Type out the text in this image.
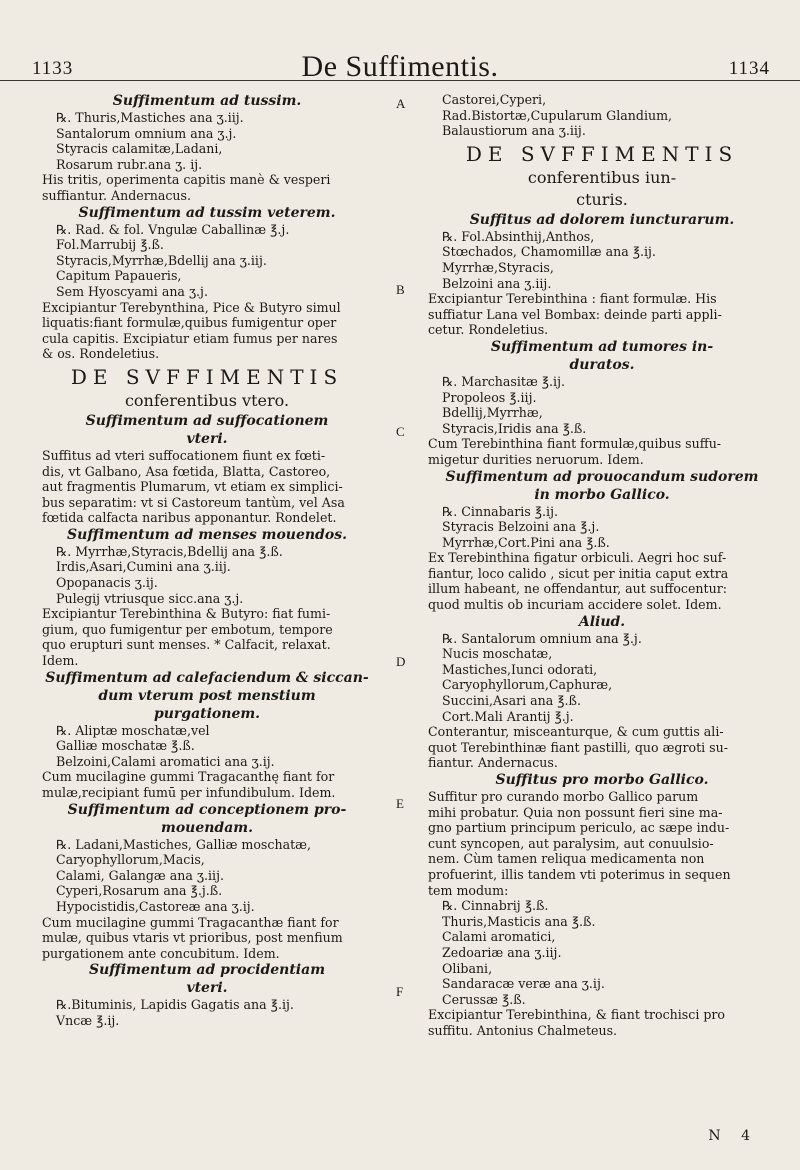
1133	De Suffimentis.	1134
A
B
C
D
E
F
Suffimentum ad tussim.
℞. Thuris,Mastiches ana ʒ.iij.
Santalorum omnium ana ʒ.j.
Styracis calamitæ,Ladani,
Rosarum rubr.ana ʒ. ij.
His tritis, operimenta capitis manè & vesperi
suffiantur. Andernacus.
Suffimentum ad tussim veterem.
℞. Rad. & fol. Vngulæ Caballinæ ℥.j.
Fol.Marrubij ℥.ß.
Styracis,Myrrhæ,Bdellij ana ʒ.iij.
Capitum Papaueris,
Sem Hyoscyami ana ʒ.j.
Excipiantur Terebynthina, Pice & Butyro simul
liquatis:fiant formulæ,quibus fumigentur oper
cula capitis. Excipiatur etiam fumus per nares
& os. Rondeletius.
DE SVFFIMENTIS
conferentibus vtero.
Suffimentum ad suffocationem
vteri.
Suffitus ad vteri suffocationem fiunt ex fœti-
dis, vt Galbano, Asa fœtida, Blatta, Castoreo,
aut fragmentis Plumarum, vt etiam ex simplici-
bus separatim: vt si Castoreum tantùm, vel Asa
fœtida calfacta naribus apponantur. Rondelet.
Suffimentum ad menses mouendos.
℞. Myrrhæ,Styracis,Bdellij ana ℥.ß.
Irdis,Asari,Cumini ana ʒ.iij.
Opopanacis ʒ.ij.
Pulegij vtriusque sicc.ana ʒ.j.
Excipiantur Terebinthina & Butyro: fiat fumi-
gium, quo fumigentur per embotum, tempore
quo erupturi sunt menses. * Calfacit, relaxat.
Idem.
Suffimentum ad calefaciendum & siccan-
dum vterum post menstium
purgationem.
℞. Aliptæ moschatæ,vel
Galliæ moschatæ ℥.ß.
Belzoini,Calami aromatici ana ʒ.ij.
Cum mucilagine gummi Tragacanthę fiant for
mulæ,recipiant fumū per infundibulum. Idem.
Suffimentum ad conceptionem pro-
mouendam.
℞. Ladani,Mastiches, Galliæ moschatæ,
Caryophyllorum,Macis,
Calami, Galangæ ana ʒ.iij.
Cyperi,Rosarum ana ℥.j.ß.
Hypocistidis,Castoreæ ana ʒ.ij.
Cum mucilagine gummi Tragacanthæ fiant for
mulæ, quibus vtaris vt prioribus, post menfium
purgationem ante concubitum. Idem.
Suffimentum ad procidentiam
vteri.
℞.Bituminis, Lapidis Gagatis ana ℥.ij.
Vncæ ℥.ij.
Castorei,Cyperi,
Rad.Bistortæ,Cupularum Glandium,
Balaustiorum ana ʒ.iij.
DE SVFFIMENTIS
conferentibus iun-
cturis.
Suffitus ad dolorem iuncturarum.
℞. Fol.Absinthij,Anthos,
Stœchados, Chamomillæ ana ℥.ij.
Myrrhæ,Styracis,
Belzoini ana ʒ.iij.
Excipiantur Terebinthina : fiant formulæ. His
suffiatur Lana vel Bombax: deinde parti appli-
cetur. Rondeletius.
Suffimentum ad tumores in-
duratos.
℞. Marchasitæ ℥.ij.
Propoleos ℥.iij.
Bdellij,Myrrhæ,
Styracis,Iridis ana ℥.ß.
Cum Terebinthina fiant formulæ,quibus suffu-
migetur durities neruorum. Idem.
Suffimentum ad prouocandum sudorem
in morbo Gallico.
℞. Cinnabaris ℥.ij.
Styracis Belzoini ana ℥.j.
Myrrhæ,Cort.Pini ana ℥.ß.
Ex Terebinthina figatur orbiculi. Aegri hoc suf-
fiantur, loco calido , sicut per initia caput extra
illum habeant, ne offendantur, aut suffocentur:
quod multis ob incuriam accidere solet. Idem.
Aliud.
℞. Santalorum omnium ana ℥.j.
Nucis moschatæ,
Mastiches,Iunci odorati,
Caryophyllorum,Caphuræ,
Succini,Asari ana ℥.ß.
Cort.Mali Arantij ℥.j.
Conterantur, misceanturque, & cum guttis ali-
quot Terebinthinæ fiant pastilli, quo ægroti su-
fiantur. Andernacus.
Suffitus pro morbo Gallico.
Suffitur pro curando morbo Gallico parum
mihi probatur. Quia non possunt fieri sine ma-
gno partium principum periculo, ac sæpe indu-
cunt syncopen, aut paralysim, aut conuulsio-
nem. Cùm tamen reliqua medicamenta non
profuerint, illis tandem vti poterimus in sequen
tem modum:
℞. Cinnabrij ℥.ß.
Thuris,Masticis ana ℥.ß.
Calami aromatici,
Zedoariæ ana ʒ.iij.
Olibani,
Sandaracæ veræ ana ʒ.ij.
Cerussæ ℥.ß.
Excipiantur Terebinthina, & fiant trochisci pro
suffitu. Antonius Chalmeteus.
N 4
